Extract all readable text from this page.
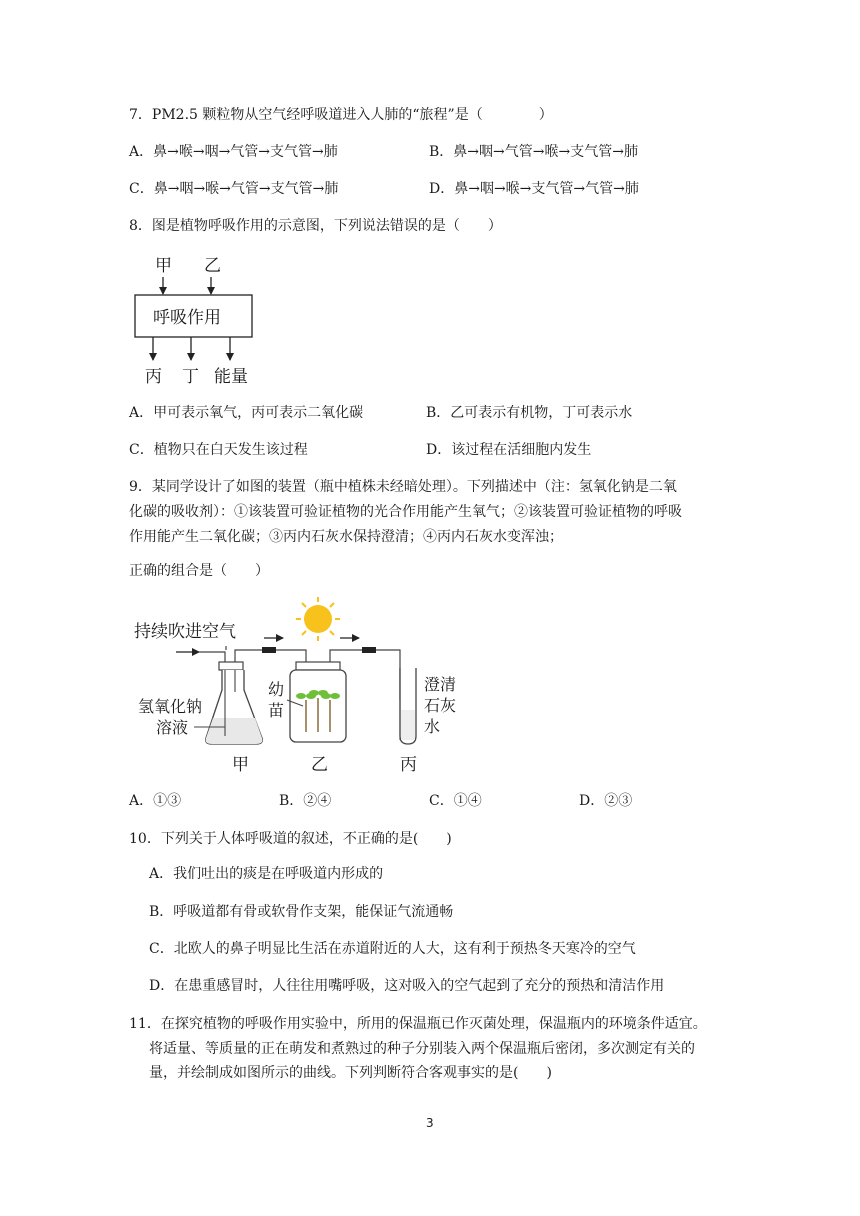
7．PM2.5 颗粒物从空气经呼吸道进入人肺的“旅程”是（　　　　）
A．鼻→喉→咽→气管→支气管→肺	B．鼻→咽→气管→喉→支气管→肺
C．鼻→咽→喉→气管→支气管→肺	D．鼻→咽→喉→支气管→气管→肺
8．图是植物呼吸作用的示意图，下列说法错误的是（　　）
甲 乙
呼吸作用
丙 丁 能量
持续吹进空气
氢氧化钠
溶液
甲
幼
苗
乙
澄清
石灰
水
丙
A．甲可表示氧气，丙可表示二氧化碳	B．乙可表示有机物，丁可表示水
C．植物只在白天发生该过程	D．该过程在活细胞内发生
9．某同学设计了如图的装置（瓶中植株未经暗处理）。下列描述中（注：氢氧化钠是二氧
化碳的吸收剂）：①该装置可验证植物的光合作用能产生氧气；②该装置可验证植物的呼吸
作用能产生二氧化碳；③丙内石灰水保持澄清；④丙内石灰水变浑浊；
正确的组合是（　　）
A．①③	B．②④	C．①④	D．②③
10．下列关于人体呼吸道的叙述，不正确的是(　　)
A．我们吐出的痰是在呼吸道内形成的
B．呼吸道都有骨或软骨作支架，能保证气流通畅
C．北欧人的鼻子明显比生活在赤道附近的人大，这有利于预热冬天寒冷的空气
D．在患重感冒时，人往往用嘴呼吸，这对吸入的空气起到了充分的预热和清洁作用
11．在探究植物的呼吸作用实验中，所用的保温瓶已作灭菌处理，保温瓶内的环境条件适宜。
将适量、等质量的正在萌发和煮熟过的种子分别装入两个保温瓶后密闭，多次测定有关的
量，并绘制成如图所示的曲线。下列判断符合客观事实的是(　　)
3
